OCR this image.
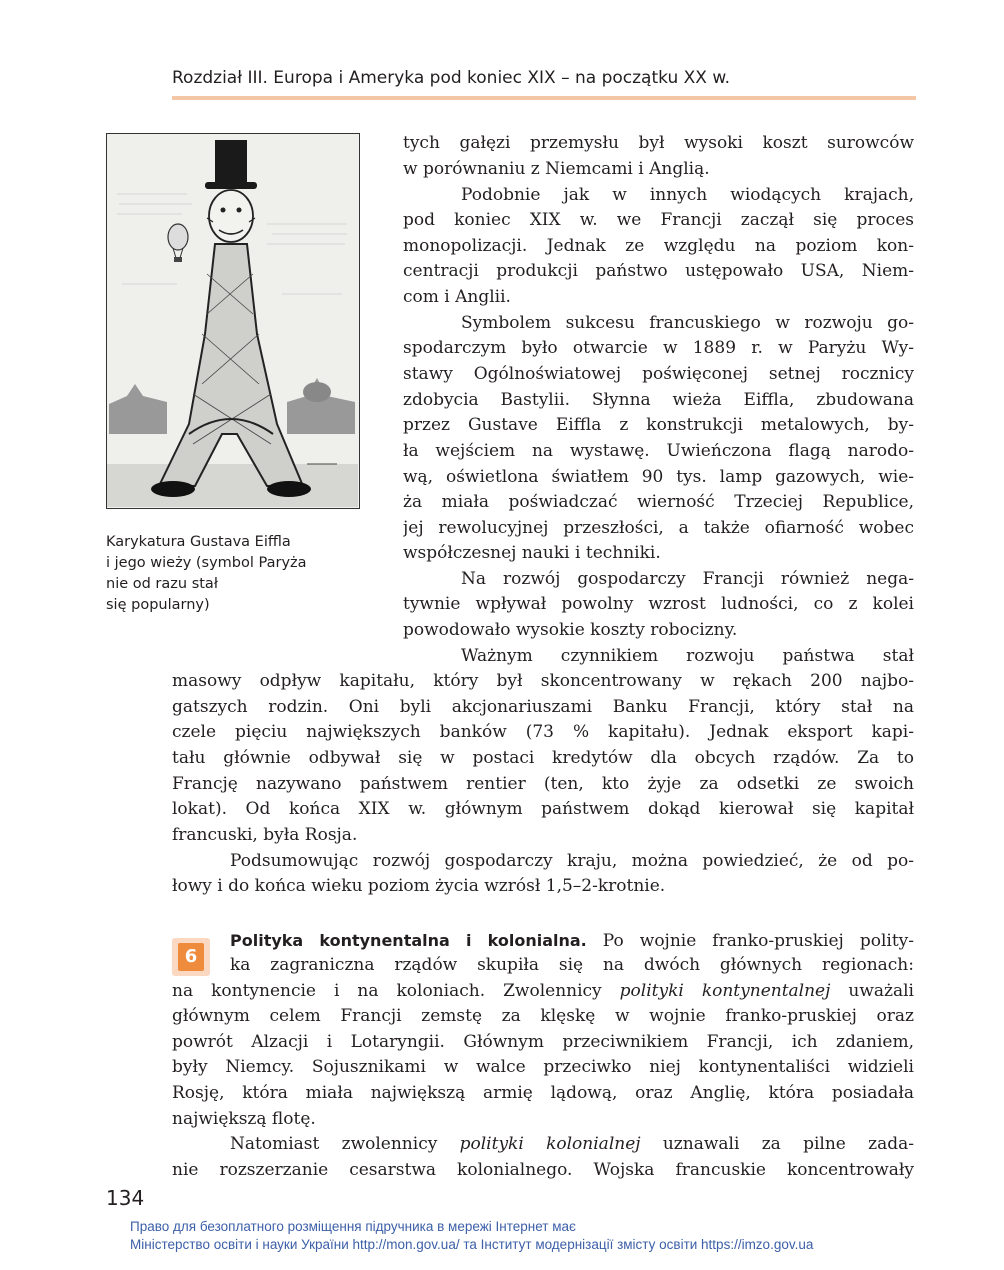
Rozdział III. Europa i Ameryka pod koniec XIX – na początku XX w.
Karykatura Gustava Eiffla
i jego wieży (symbol Paryża
nie od razu stał
się popularny)
tych gałęzi przemysłu był wysoki koszt surowców
w porównaniu z Niemcami i Anglią.
Podobnie jak w innych wiodących krajach,
pod koniec XIX w. we Francji zaczął się proces
monopolizacji. Jednak ze względu na poziom kon-
centracji produkcji państwo ustępowało USA, Niem-
com i Anglii.
Symbolem sukcesu francuskiego w rozwoju go-
spodarczym było otwarcie w 1889 r. w Paryżu Wy-
stawy Ogólnoświatowej poświęconej setnej rocznicy
zdobycia Bastylii. Słynna wieża Eiffla, zbudowana
przez Gustave Eiffla z konstrukcji metalowych, by-
ła wejściem na wystawę. Uwieńczona flagą narodo-
wą, oświetlona światłem 90 tys. lamp gazowych, wie-
ża miała poświadczać wierność Trzeciej Republice,
jej rewolucyjnej przeszłości, a także ofiarność wobec
współczesnej nauki i techniki.
Na rozwój gospodarczy Francji również nega-
tywnie wpływał powolny wzrost ludności, co z kolei
powodowało wysokie koszty robocizny.
Ważnym czynnikiem rozwoju państwa stał
masowy odpływ kapitału, który był skoncentrowany w rękach 200 najbo-
gatszych rodzin. Oni byli akcjonariuszami Banku Francji, który stał na
czele pięciu największych banków (73 % kapitału). Jednak eksport kapi-
tału głównie odbywał się w postaci kredytów dla obcych rządów. Za to
Francję nazywano państwem rentier (ten, kto żyje za odsetki ze swoich
lokat). Od końca XIX w. głównym państwem dokąd kierował się kapitał
francuski, była Rosja.
Podsumowując rozwój gospodarczy kraju, można powiedzieć, że od po-
łowy i do końca wieku poziom życia wzrósł 1,5–2-krotnie.
6
Polityka kontynentalna i kolonialna. Po wojnie franko-pruskiej polity-
ka zagraniczna rządów skupiła się na dwóch głównych regionach:
na kontynencie i na koloniach. Zwolennicy polityki kontynentalnej uważali
głównym celem Francji zemstę za klęskę w wojnie franko-pruskiej oraz
powrót Alzacji i Lotaryngii. Głównym przeciwnikiem Francji, ich zdaniem,
były Niemcy. Sojusznikami w walce przeciwko niej kontynentaliści widzieli
Rosję, która miała największą armię lądową, oraz Anglię, która posiadała
największą flotę.
Natomiast zwolennicy polityki kolonialnej uznawali za pilne zada-
nie rozszerzanie cesarstwa kolonialnego. Wojska francuskie koncentrowały
134
Право для безоплатного розміщення підручника в мережі Інтернет має
Міністерство освіти і науки України http://mon.gov.ua/ та Інститут модернізації змісту освіти https://imzo.gov.ua
